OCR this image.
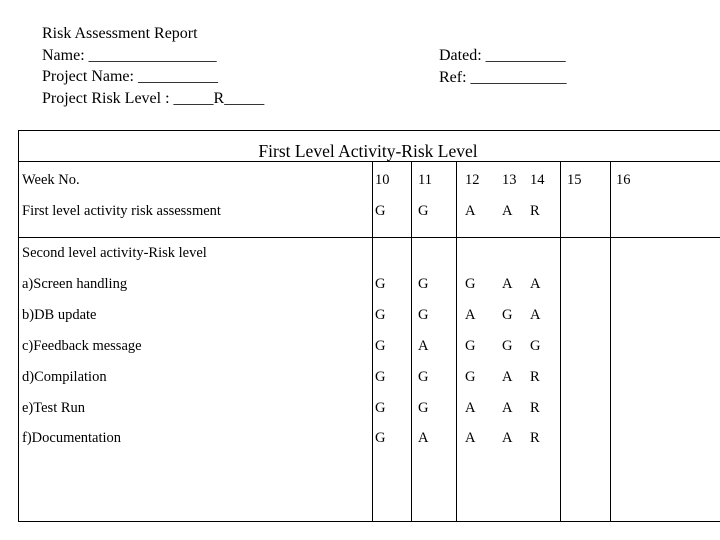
Risk Assessment Report
Name: ________________
Project Name: __________
Project Risk Level : _____R_____
Dated: __________
Ref: ____________
First Level Activity-Risk Level
Week No.	10 11 12 13 14 15 16
First level activity risk assessment	G G	A A R
Second level activity-Risk level
a)Screen handling	G G	G A A
b)DB update	G G	A G A
c)Feedback message	G A	G G G
d)Compilation	G G	G A R
e)Test Run	G G	A A R
f)Documentation	G A	A A R
